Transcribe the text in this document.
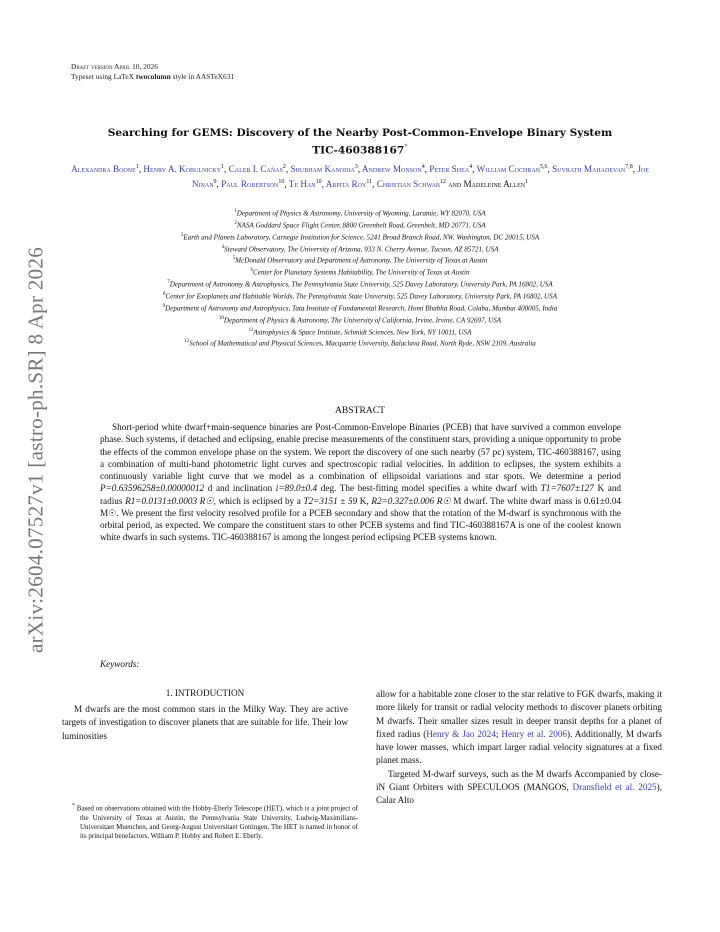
arXiv:2604.07527v1 [astro-ph.SR] 8 Apr 2026
Draft version April 10, 2026
Typeset using LaTeX twocolumn style in AASTeX631
Searching for GEMS: Discovery of the Nearby Post-Common-Envelope Binary System
TIC-460388167*
Alexandra Boone$^1$, Henry A. Kobulnicky$^1$, Caleb I. Cañas$^2$, Shubham Kanodia$^3$, Andrew Monson$^4$, Peter Shea$^4$, William Cochran$^{5,6}$, Suvrath Mahadevan$^{7,8}$, Joe Ninan$^9$, Paul Robertson$^{10}$, Te Han$^{10}$, Arpita Roy$^{11}$, Christian Schwab$^{12}$ and Madeleine Allen$^1$
$^1$Department of Physics & Astronomy, University of Wyoming, Laramie, WY 82070, USA
$^2$NASA Goddard Space Flight Center, 8800 Greenbelt Road, Greenbelt, MD 20771, USA
$^3$Earth and Planets Laboratory, Carnegie Institution for Science, 5241 Broad Branch Road, NW, Washington, DC 20015, USA
$^4$Steward Observatory, The University of Arizona, 933 N. Cherry Avenue, Tucson, AZ 85721, USA
$^5$McDonald Observatory and Department of Astronomy, The University of Texas at Austin
$^6$Center for Planetary Systems Habitability, The University of Texas at Austin
$^7$Department of Astronomy & Astrophysics, The Pennsylvania State University, 525 Davey Laboratory, University Park, PA 16802, USA
$^8$Center for Exoplanets and Habitable Worlds, The Pennsylvania State University, 525 Davey Laboratory, University Park, PA 16802, USA
$^9$Department of Astronomy and Astrophysics, Tata Institute of Fundamental Research, Homi Bhabha Road, Colaba, Mumbai 400005, India
$^{10}$Department of Physics & Astronomy, The University of California, Irvine, Irvine, CA 92697, USA
$^{11}$Astrophysics & Space Institute, Schmidt Sciences, New York, NY 10011, USA
$^{12}$School of Mathematical and Physical Sciences, Macquarie University, Balaclava Road, North Ryde, NSW 2109, Australia
ABSTRACT
Short-period white dwarf+main-sequence binaries are Post-Common-Envelope Binaries (PCEB) that have survived a common envelope phase. Such systems, if detached and eclipsing, enable precise measurements of the constituent stars, providing a unique opportunity to probe the effects of the common envelope phase on the system. We report the discovery of one such nearby (57 pc) system, TIC-460388167, using a combination of multi-band photometric light curves and spectroscopic radial velocities. In addition to eclipses, the system exhibits a continuously variable light curve that we model as a combination of ellipsoidal variations and star spots. We determine a period P=0.63596258±0.00000012 d and inclination i=89.0±0.4 deg. The best-fitting model specifies a white dwarf with T1=7607±127 K and radius R1=0.0131±0.0003 R☉, which is eclipsed by a T2=3151 ± 59 K, R2=0.327±0.006 R☉ M dwarf. The white dwarf mass is 0.61±0.04 M☉. We present the first velocity resolved profile for a PCEB secondary and show that the rotation of the M-dwarf is synchronous with the orbital period, as expected. We compare the constituent stars to other PCEB systems and find TIC-460388167A is one of the coolest known white dwarfs in such systems. TIC-460388167 is among the longest period eclipsing PCEB systems known.
Keywords:
1. INTRODUCTION
M dwarfs are the most common stars in the Milky Way. They are active targets of investigation to discover planets that are suitable for life. Their low luminosities
* Based on observations obtained with the Hobby-Eberly Telescope (HET), which is a joint project of the University of Texas at Austin, the Pennsylvania State University, Ludwig-Maximilians-Universitaet Muenchen, and Georg-August Universitaet Gottingen. The HET is named in honor of its principal benefactors, William P. Hobby and Robert E. Eberly.

allow for a habitable zone closer to the star relative to FGK dwarfs, making it more likely for transit or radial velocity methods to discover planets orbiting M dwarfs. Their smaller sizes result in deeper transit depths for a planet of fixed radius (Henry & Jao 2024; Henry et al. 2006). Additionally, M dwarfs have lower masses, which impart larger radial velocity signatures at a fixed planet mass.

Targeted M-dwarf surveys, such as the M dwarfs Accompanied by close-iN Giant Orbiters with SPECULOOS (MANGOS, Dransfield et al. 2025), Calar Alto
